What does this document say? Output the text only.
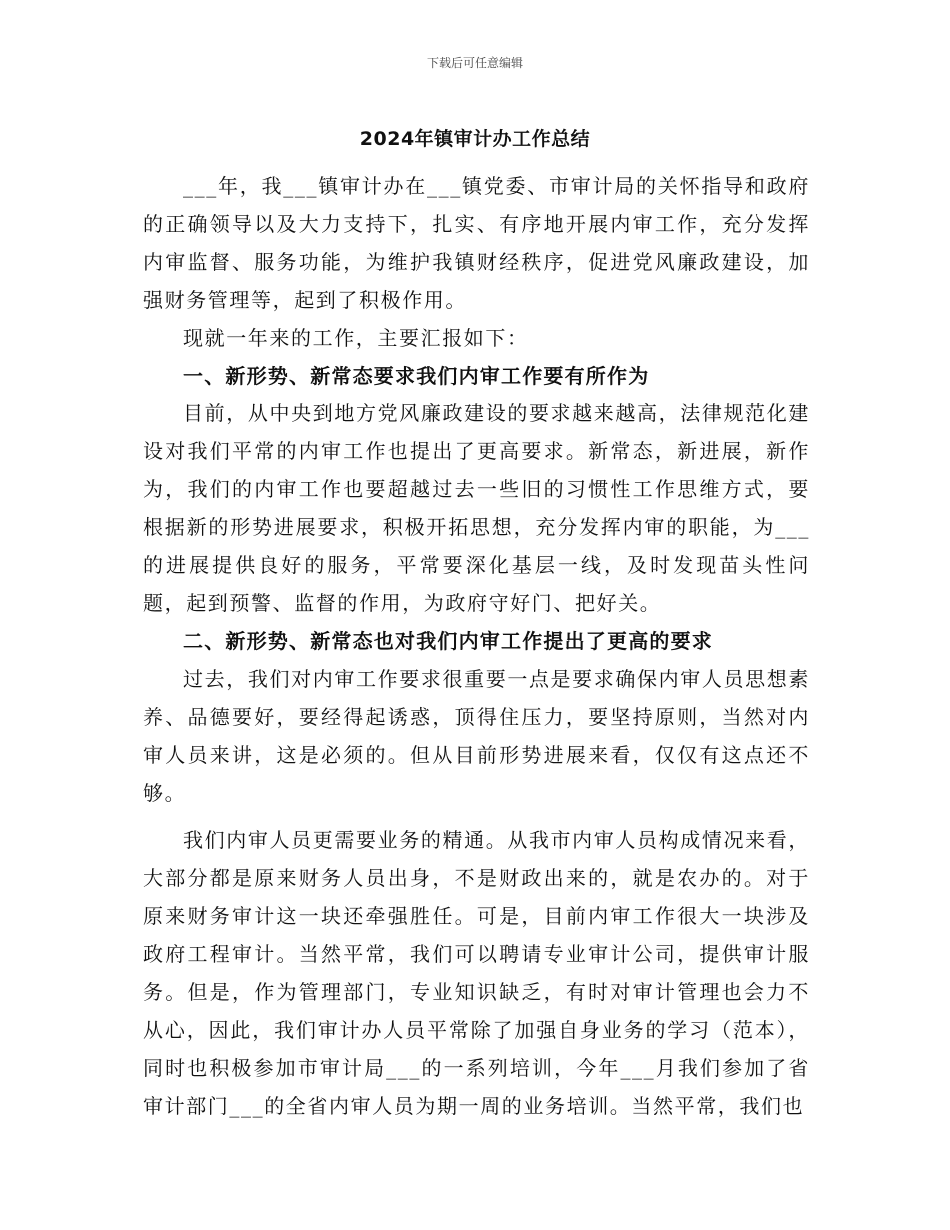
下载后可任意编辑
2024年镇审计办工作总结

___年，我___镇审计办在___镇党委、市审计局的关怀指导和政府的正确领导以及大力支持下，扎实、有序地开展内审工作，充分发挥内审监督、服务功能，为维护我镇财经秩序，促进党风廉政建设，加强财务管理等，起到了积极作用。

现就一年来的工作，主要汇报如下：

一、新形势、新常态要求我们内审工作要有所作为

目前，从中央到地方党风廉政建设的要求越来越高，法律规范化建设对我们平常的内审工作也提出了更高要求。新常态，新进展，新作为，我们的内审工作也要超越过去一些旧的习惯性工作思维方式，要根据新的形势进展要求，积极开拓思想，充分发挥内审的职能，为___的进展提供良好的服务，平常要深化基层一线，及时发现苗头性问题，起到预警、监督的作用，为政府守好门、把好关。

二、新形势、新常态也对我们内审工作提出了更高的要求

过去，我们对内审工作要求很重要一点是要求确保内审人员思想素养、品德要好，要经得起诱惑，顶得住压力，要坚持原则，当然对内审人员来讲，这是必须的。但从目前形势进展来看，仅仅有这点还不够。

我们内审人员更需要业务的精通。从我市内审人员构成情况来看，大部分都是原来财务人员出身，不是财政出来的，就是农办的。对于原来财务审计这一块还牵强胜任。可是，目前内审工作很大一块涉及政府工程审计。当然平常，我们可以聘请专业审计公司，提供审计服务。但是，作为管理部门，专业知识缺乏，有时对审计管理也会力不从心，因此，我们审计办人员平常除了加强自身业务的学习（范本），同时也积极参加市审计局___的一系列培训，今年___月我们参加了省审计部门___的全省内审人员为期一周的业务培训。当然平常，我们也
